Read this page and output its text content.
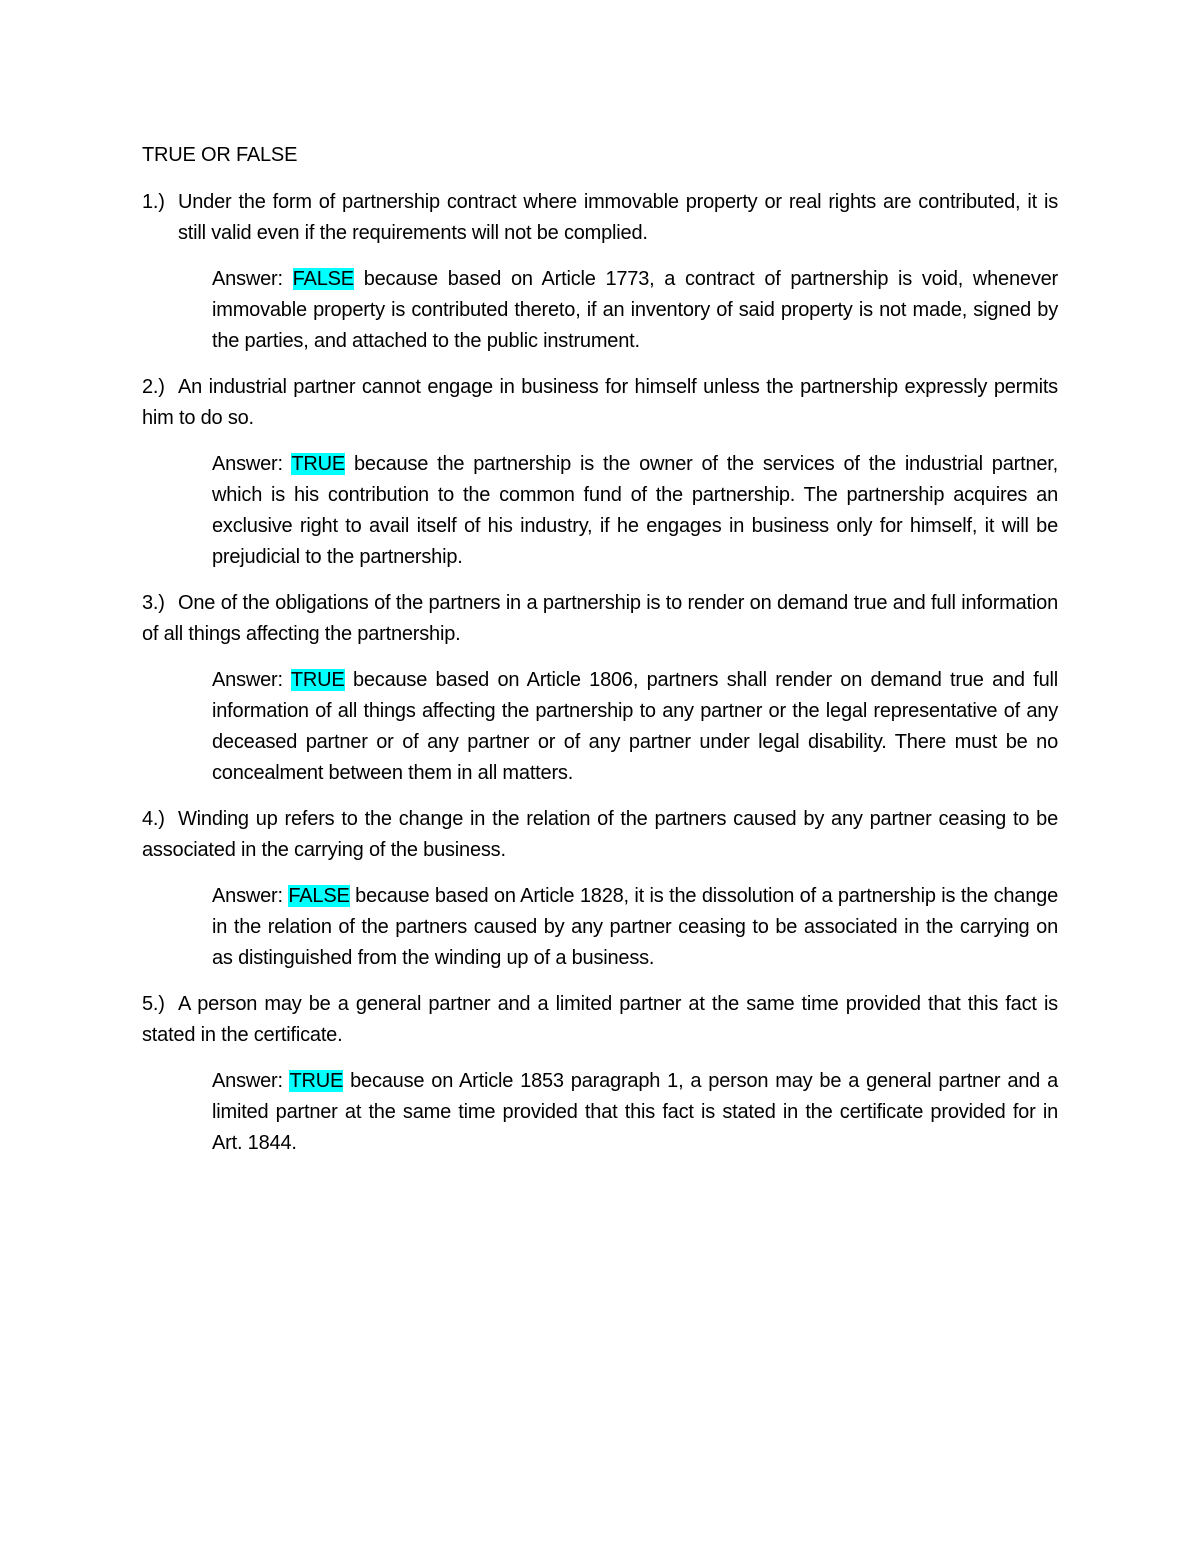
TRUE OR FALSE

1.) Under the form of partnership contract where immovable property or real rights are contributed, it is still valid even if the requirements will not be complied.

Answer: FALSE because based on Article 1773, a contract of partnership is void, whenever immovable property is contributed thereto, if an inventory of said property is not made, signed by the parties, and attached to the public instrument.

2.) An industrial partner cannot engage in business for himself unless the partnership expressly permits him to do so.

Answer: TRUE because the partnership is the owner of the services of the industrial partner, which is his contribution to the common fund of the partnership. The partnership acquires an exclusive right to avail itself of his industry, if he engages in business only for himself, it will be prejudicial to the partnership.

3.) One of the obligations of the partners in a partnership is to render on demand true and full information of all things affecting the partnership.

Answer: TRUE because based on Article 1806, partners shall render on demand true and full information of all things affecting the partnership to any partner or the legal representative of any deceased partner or of any partner or of any partner under legal disability. There must be no concealment between them in all matters.

4.) Winding up refers to the change in the relation of the partners caused by any partner ceasing to be associated in the carrying of the business.

Answer: FALSE because based on Article 1828, it is the dissolution of a partnership is the change in the relation of the partners caused by any partner ceasing to be associated in the carrying on as distinguished from the winding up of a business.

5.) A person may be a general partner and a limited partner at the same time provided that this fact is stated in the certificate.

Answer: TRUE because on Article 1853 paragraph 1, a person may be a general partner and a limited partner at the same time provided that this fact is stated in the certificate provided for in Art. 1844.
